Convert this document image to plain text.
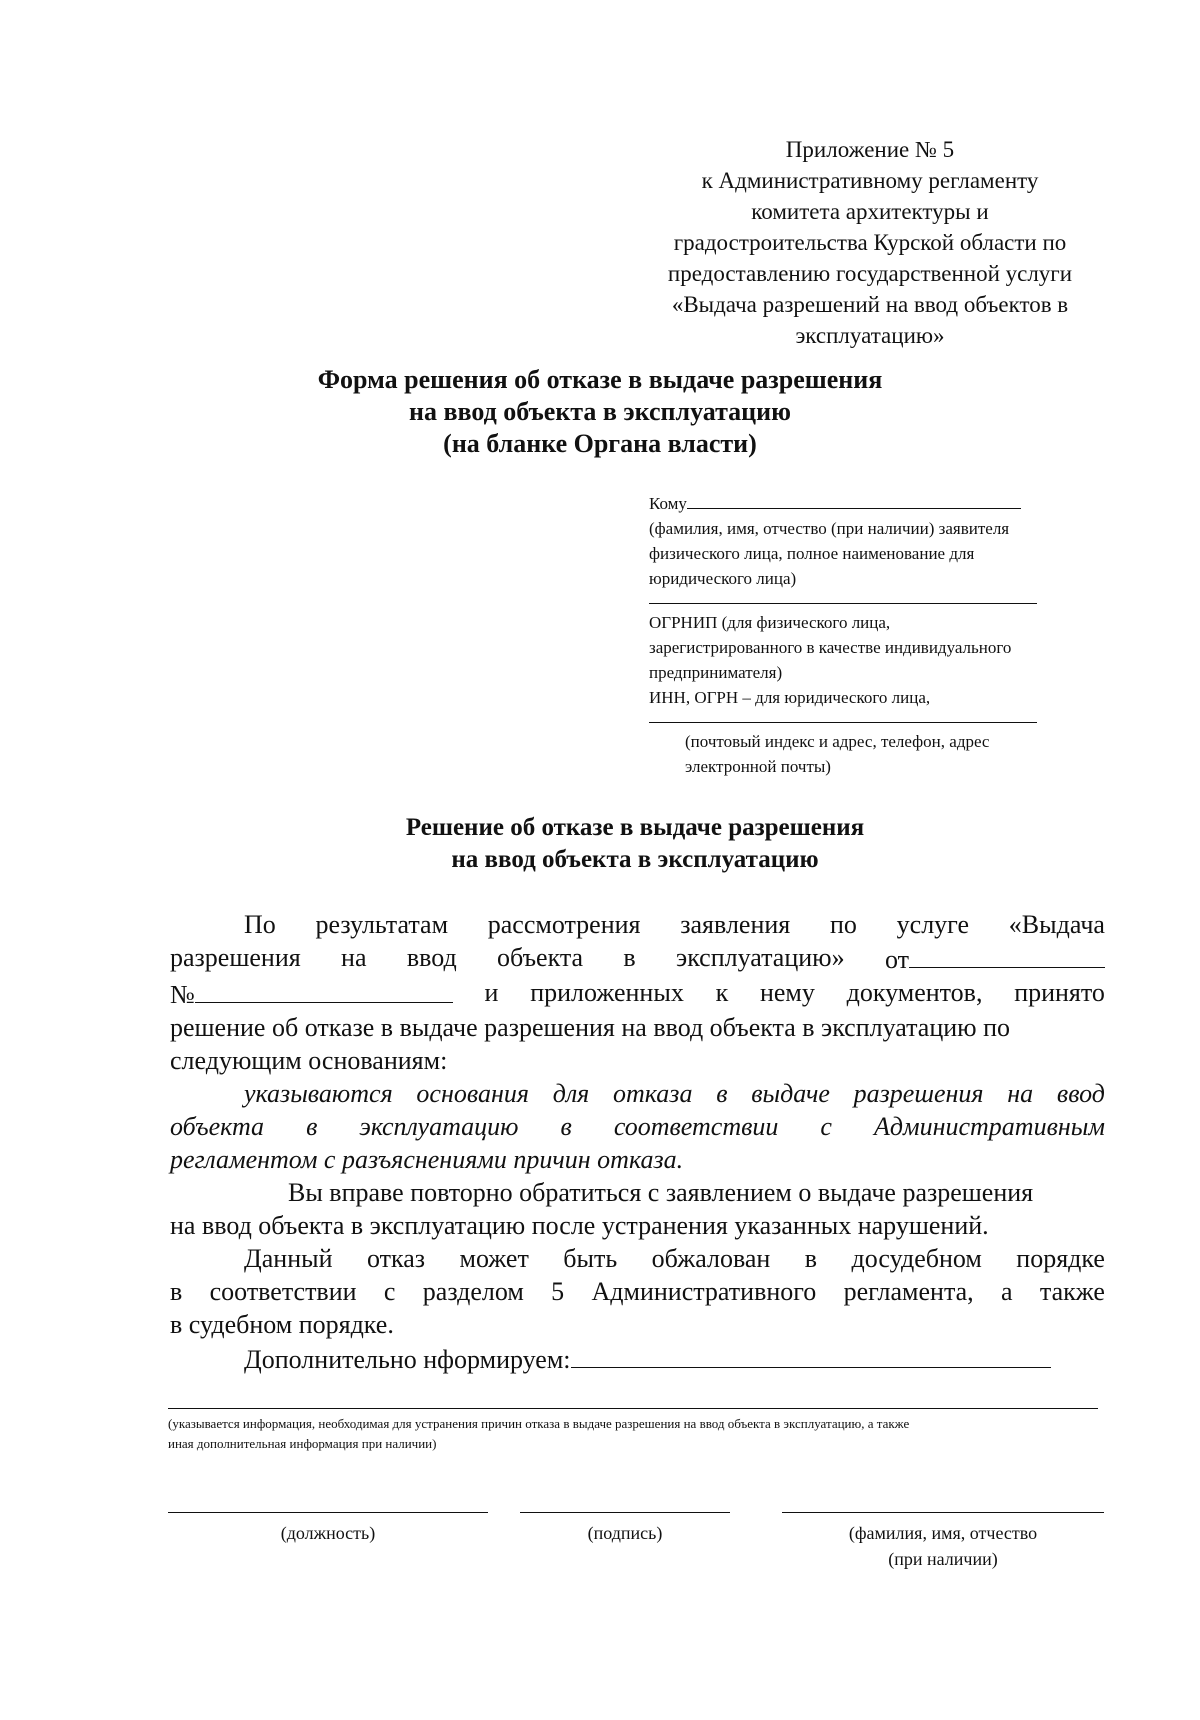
Приложение № 5
к Административному регламенту
комитета архитектуры и
градостроительства Курской области по
предоставлению государственной услуги
«Выдача разрешений на ввод объектов в
эксплуатацию»
Форма решения об отказе в выдаче разрешения
на ввод объекта в эксплуатацию
(на бланке Органа власти)
Кому
(фамилия, имя, отчество (при наличии) заявителя
физического лица, полное наименование для
юридического лица)
ОГРНИП (для физического лица,
зарегистрированного в качестве индивидуального
предпринимателя)
ИНН, ОГРН – для юридического лица,
(почтовый индекс и адрес, телефон, адрес
электронной почты)
Решение об отказе в выдаче разрешения
на ввод объекта в эксплуатацию
По результатам рассмотрения заявления по услуге «Выдача
разрешения на ввод объекта в эксплуатацию» от
№	и приложенных к нему документов, принято
решение об отказе в выдаче разрешения на ввод объекта в эксплуатацию по
следующим основаниям:
указываются основания для отказа в выдаче разрешения на ввод
объекта в эксплуатацию в соответствии с Административным
регламентом с разъяснениями причин отказа.
Вы вправе повторно обратиться с заявлением о выдаче разрешения
на ввод объекта в эксплуатацию после устранения указанных нарушений.
Данный отказ может быть обжалован в досудебном порядке
в соответствии с разделом 5 Административного регламента, а также
в судебном порядке.
Дополнительно нформируем:
(указывается информация, необходимая для устранения причин отказа в выдаче разрешения на ввод объекта в эксплуатацию, а также
иная дополнительная информация при наличии)
(должность)	(подпись)	(фамилия, имя, отчество
(при наличии)
